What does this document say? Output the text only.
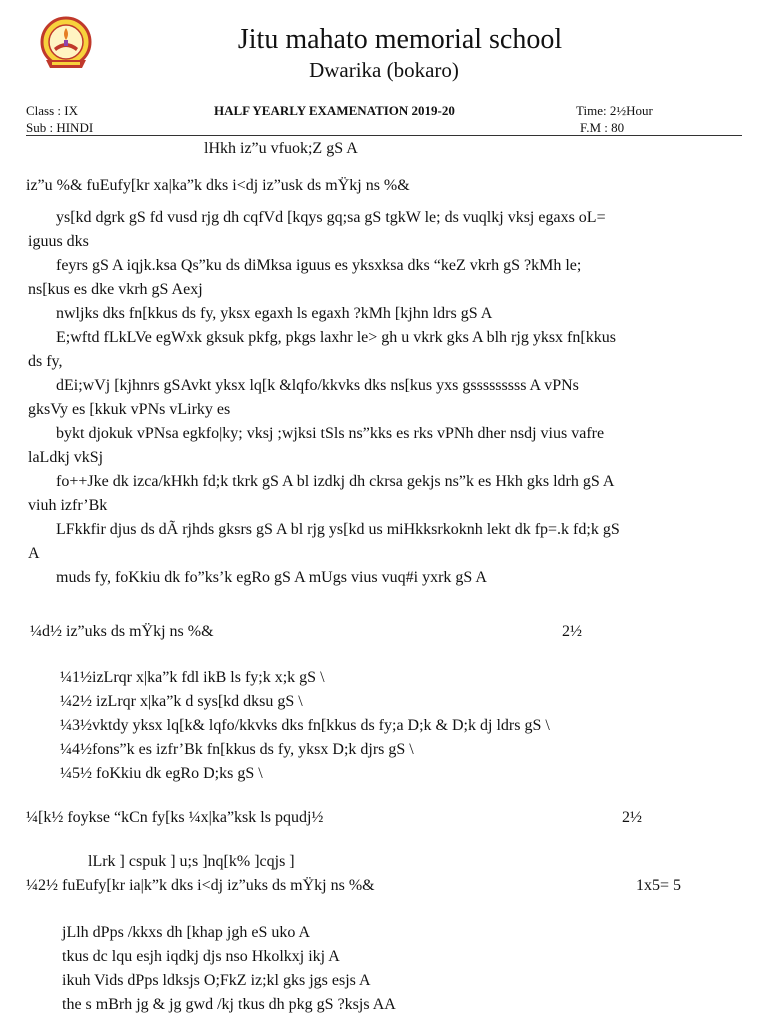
Jitu mahato memorial school
Dwarika (bokaro)
Class : IX	HALF YEARLY EXAMENATION 2019-20	Time: 2½Hour
Sub : HINDI	F.M : 80
lHkh iz”u vfuok;Z gS A
iz”u %& fuEufy[kr xa|ka”k dks i<dj iz”usk ds mŸkj ns %&
ys[kd dgrk gS fd vusd rjg dh cqfVd [kqys gq;sa gS tgkW le; ds vuqlkj vksj egaxs oL=
iguus dks
feyrs gS A iqjk.ksa Qs”ku ds diMksa iguus es yksxksa dks “keZ vkrh gS ?kMh le;
ns[kus es dke vkrh gS Aexj
nwljks dks fn[kkus ds fy, yksx egaxh ls egaxh ?kMh [kjhn ldrs gS A
E;wftd fLkLVe egWxk gksuk pkfg, pkgs laxhr le> gh u vkrk gks A blh rjg yksx fn[kkus
ds fy,
dEi;wVj [kjhnrs gSAvkt yksx lq[k &lqfo/kkvks dks ns[kus yxs gsssssssss A vPNs
gksVy es [kkuk vPNs vLirky es
bykt djokuk vPNsa egkfo|ky; vksj ;wjksi tSls ns”kks es rks vPNh dher nsdj vius vafre
laLdkj vkSj
fo++Jke dk izca/kHkh fd;k tkrk gS A bl izdkj dh ckrsa gekjs ns”k es Hkh gks ldrh gS A
viuh izfr’Bk
LFkkfir djus ds dÃ rjhds gksrs gS A bl rjg ys[kd us miHkksrkoknh lekt dk fp=.k fd;k gS
A
muds fy, foKkiu dk fo”ks’k egRo gS A mUgs vius vuq#i yxrk gS A
¼d½ iz”uks ds mŸkj ns %&	2½
¼1½izLrqr x|ka”k fdl ikB ls fy;k x;k gS \
¼2½ izLrqr x|ka”k d sys[kd dksu gS \
¼3½vktdy yksx lq[k& lqfo/kkvks dks fn[kkus ds fy;a D;k & D;k dj ldrs gS \
¼4½fons”k es izfr’Bk fn[kkus ds fy, yksx D;k djrs gS \
¼5½ foKkiu dk egRo D;ks gS \
¼[k½ foykse “kCn fy[ks ¼x|ka”ksk ls pqudj½	2½
lLrk ] cspuk ] u;s ]nq[k% ]cqjs ]
¼2½ fuEufy[kr ia|k”k dks i<dj iz”uks ds mŸkj ns %&	1x5= 5
jLlh dPps /kkxs dh [khap jgh eS uko A
tkus dc lqu esjh iqdkj djs nso Hkolkxj ikj A
ikuh Vids dPps ldksjs O;FkZ iz;kl gks jgs esjs A
the s mBrh jg & jg gwd /kj tkus dh pkg gS ?ksjs AA
